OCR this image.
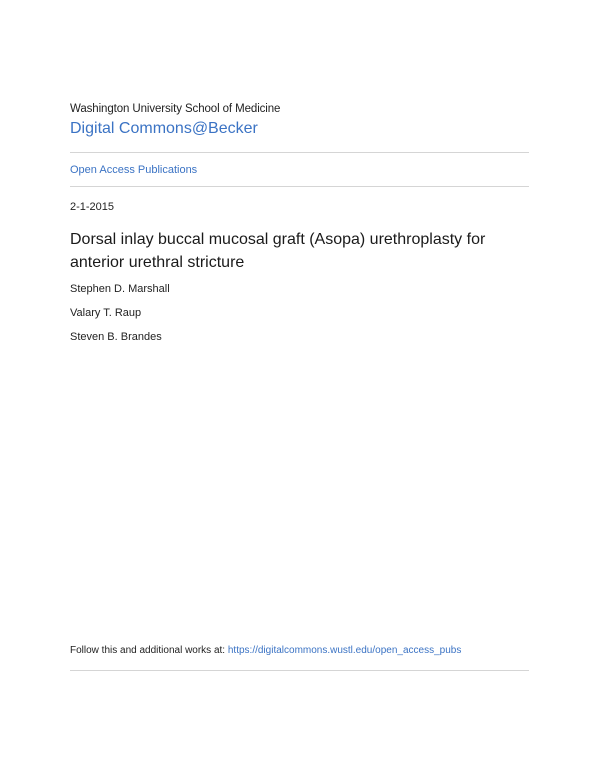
Washington University School of Medicine
Digital Commons@Becker
Open Access Publications
2-1-2015
Dorsal inlay buccal mucosal graft (Asopa) urethroplasty for anterior urethral stricture
Stephen D. Marshall
Valary T. Raup
Steven B. Brandes
Follow this and additional works at: https://digitalcommons.wustl.edu/open_access_pubs
